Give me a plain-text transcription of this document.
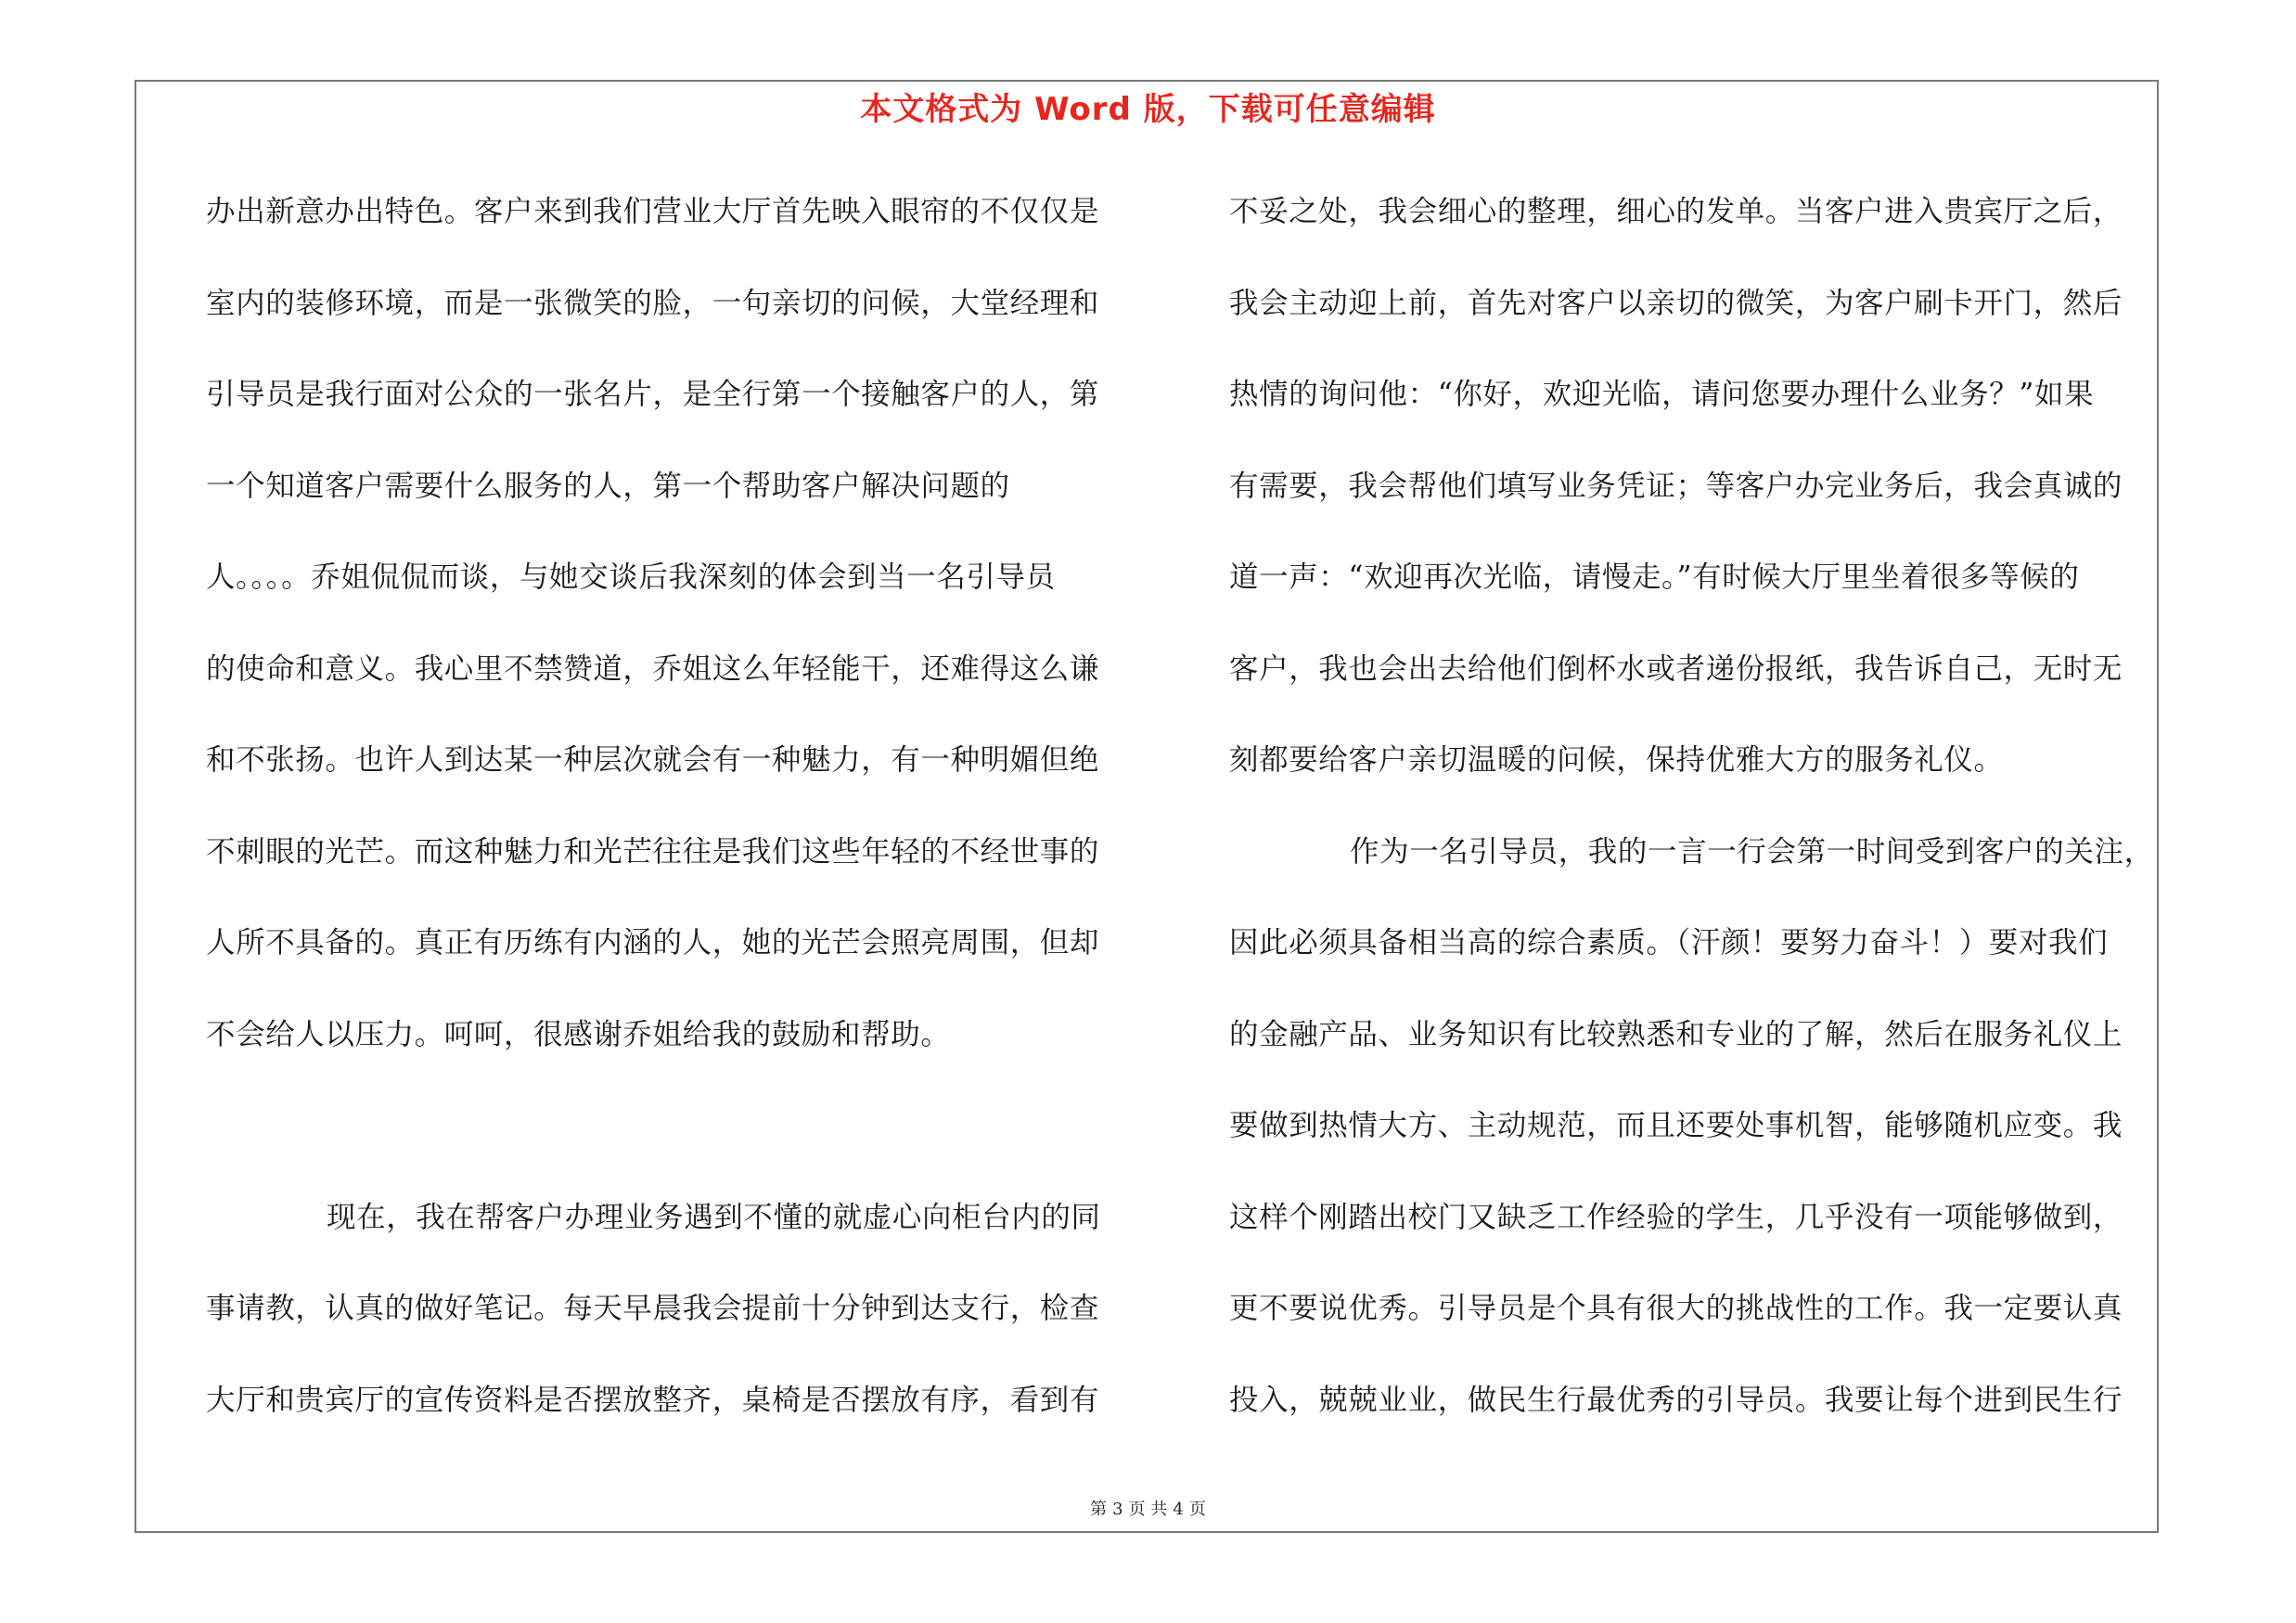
本文格式为 Word 版，下载可任意编辑
办出新意办出特色。客户来到我们营业大厅首先映入眼帘的不仅仅是
室内的装修环境，而是一张微笑的脸，一句亲切的问候，大堂经理和
引导员是我行面对公众的一张名片，是全行第一个接触客户的人，第
一个知道客户需要什么服务的人，第一个帮助客户解决问题的
人。。。。乔姐侃侃而谈，与她交谈后我深刻的体会到当一名引导员
的使命和意义。我心里不禁赞道，乔姐这么年轻能干，还难得这么谦
和不张扬。也许人到达某一种层次就会有一种魅力，有一种明媚但绝
不刺眼的光芒。而这种魅力和光芒往往是我们这些年轻的不经世事的
人所不具备的。真正有历练有内涵的人，她的光芒会照亮周围，但却
不会给人以压力。呵呵，很感谢乔姐给我的鼓励和帮助。
现在，我在帮客户办理业务遇到不懂的就虚心向柜台内的同
事请教，认真的做好笔记。每天早晨我会提前十分钟到达支行，检查
大厅和贵宾厅的宣传资料是否摆放整齐，桌椅是否摆放有序，看到有
不妥之处，我会细心的整理，细心的发单。当客户进入贵宾厅之后，
我会主动迎上前，首先对客户以亲切的微笑，为客户刷卡开门，然后
热情的询问他：“你好，欢迎光临，请问您要办理什么业务？”如果
有需要，我会帮他们填写业务凭证；等客户办完业务后，我会真诚的
道一声：“欢迎再次光临，请慢走。”有时候大厅里坐着很多等候的
客户，我也会出去给他们倒杯水或者递份报纸，我告诉自己，无时无
刻都要给客户亲切温暖的问候，保持优雅大方的服务礼仪。
作为一名引导员，我的一言一行会第一时间受到客户的关注，
因此必须具备相当高的综合素质。（汗颜！要努力奋斗！）要对我们
的金融产品、业务知识有比较熟悉和专业的了解，然后在服务礼仪上
要做到热情大方、主动规范，而且还要处事机智，能够随机应变。我
这样个刚踏出校门又缺乏工作经验的学生，几乎没有一项能够做到，
更不要说优秀。引导员是个具有很大的挑战性的工作。我一定要认真
投入，兢兢业业，做民生行最优秀的引导员。我要让每个进到民生行
第 3 页 共 4 页
